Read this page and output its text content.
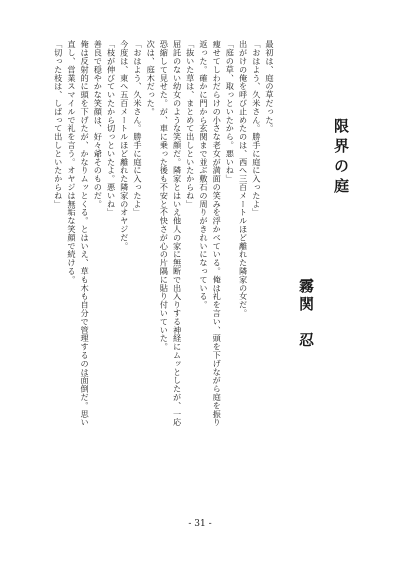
限界の庭
霧関　忍
最初は、庭の草だった。
「おはよう、久米さん。勝手に庭に入ったよ」
出がけの俺を呼び止めたのは、西へ三百メートルほど離れた隣家の女だ。
「庭の草、取っといたから。悪いね」
痩せてしわだらけの小さな老女が満面の笑みを浮かべている。俺は礼を言い、頭を下げながら庭を振り
返った。確かに門から玄関まで並ぶ敷石の周りがきれいになっている。
「抜いた草は、まとめて出しといたからね」
屈託のない幼女のような笑顔だ。隣家とはいえ他人の家に無断で出入りする神経にムッとしたが、一応
恐縮して見せた。が、車に乗った後も不安と不快さが心の片隅に貼り付いていた。
次は、庭木だった。
「おはよう、久米さん。勝手に庭に入ったよ」
今度は、東へ五百メートルほど離れた隣家のオヤジだ。
「枝が伸びていたから切っといたよ。悪いね」
善良で穏やかな笑顔は、好々爺そのものだ。
俺は反射的に頭を下げたが、かなりムッとくる。とはいえ、草も木も自分で管理するのは面倒だ。思い
直し、営業スマイルで礼を言う。オヤジは無垢な笑顔で続ける。
「切った枝は、しばって出しといたからね」
- 31 -
